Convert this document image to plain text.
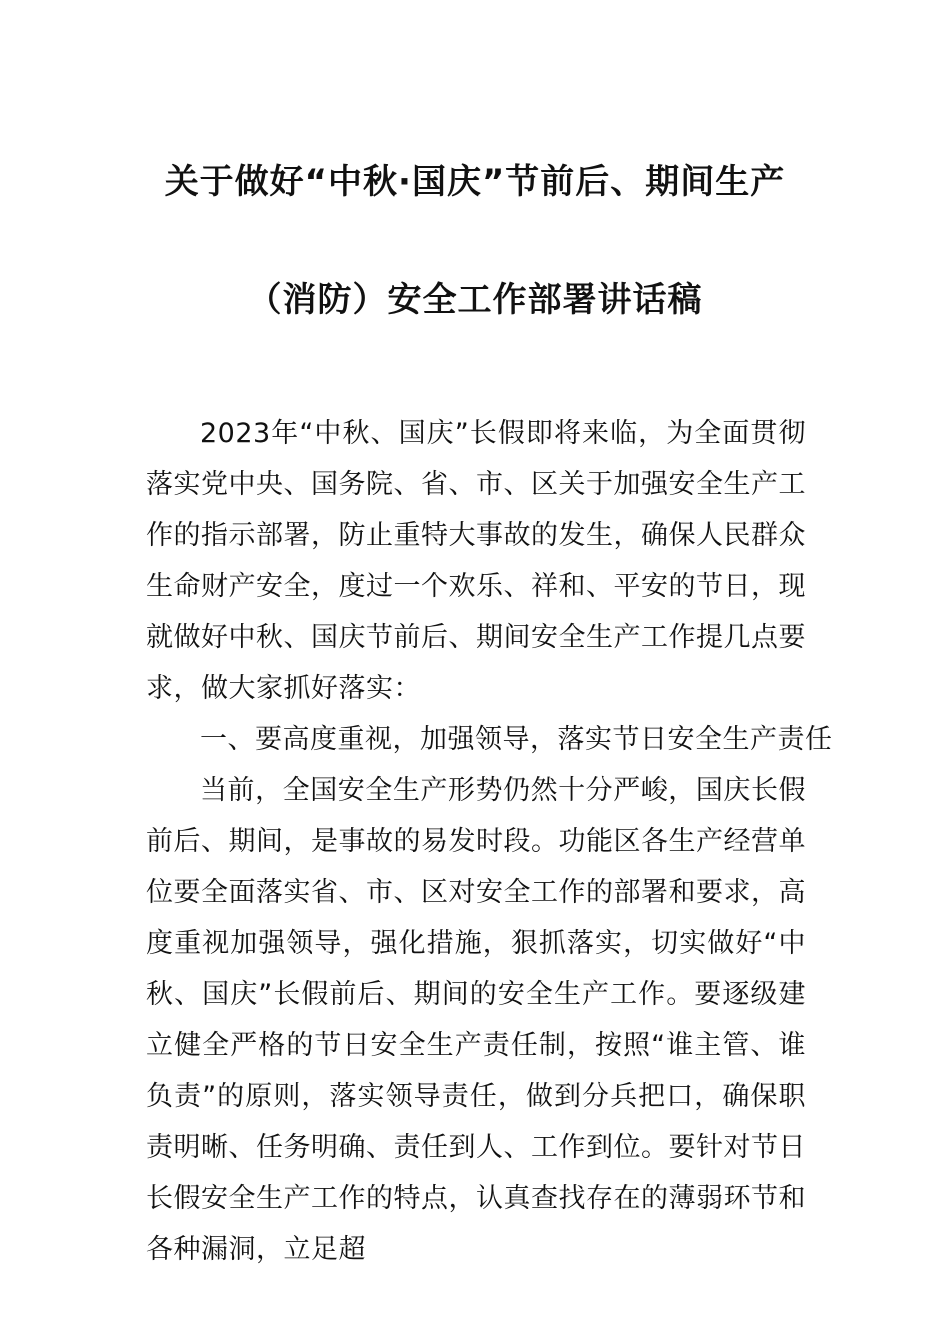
关于做好“中秋·国庆”节前后、期间生产
（消防）安全工作部署讲话稿

2023年“中秋、国庆”长假即将来临，为全面贯彻落实党中央、国务院、省、市、区关于加强安全生产工作的指示部署，防止重特大事故的发生，确保人民群众生命财产安全，度过一个欢乐、祥和、平安的节日，现就做好中秋、国庆节前后、期间安全生产工作提几点要求，做大家抓好落实：

一、要高度重视，加强领导，落实节日安全生产责任

当前，全国安全生产形势仍然十分严峻，国庆长假前后、期间，是事故的易发时段。功能区各生产经营单位要全面落实省、市、区对安全工作的部署和要求，高度重视加强领导，强化措施，狠抓落实，切实做好“中秋、国庆”长假前后、期间的安全生产工作。要逐级建立健全严格的节日安全生产责任制，按照“谁主管、谁负责”的原则，落实领导责任，做到分兵把口，确保职责明晰、任务明确、责任到人、工作到位。要针对节日长假安全生产工作的特点，认真查找存在的薄弱环节和各种漏洞，立足超
